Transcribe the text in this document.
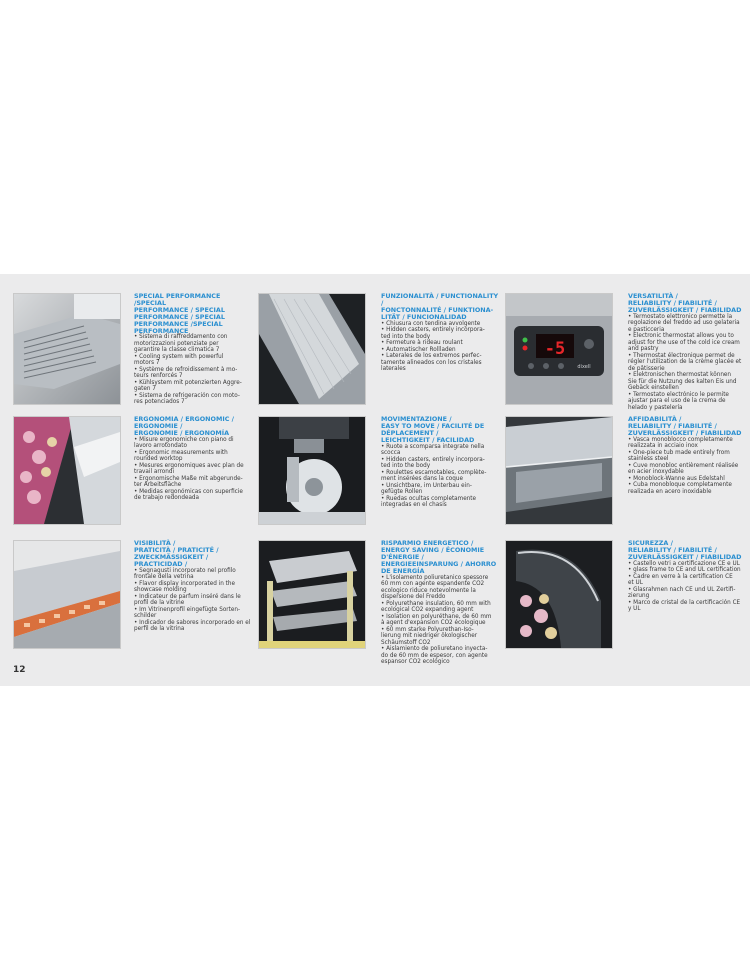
SPECIAL PERFORMANCE /SPECIAL
PERFORMANCE / SPECIAL
PERFORMANCE / SPECIAL
PERFORMANCE /SPECIAL
PERFORMANCE
• Sistema di raffreddamento con
motorizzazioni potenziate per
garantire la classe climatica 7
• Cooling system with powerful
motors 7
• Système de refroidissement à mo-
teurs renforcés 7
• Kühlsystem mit potenzierten Aggre-
gaten 7
• Sistema de refrigeración con moto-
res potenciados 7
FUNZIONALITÀ / FUNCTIONALITY /
FONCTONNALITÉ / FUNKTIONA-
LITÄT / FUNCIONALIDAD
• Chiusura con tendina avvolgente
• Hidden casters, entirely incorpora-
ted into the body
• Fermeture à rideau roulant
• Automatischer Rollladen
• Laterales de los extremos perfec-
tamente alineados con los cristales
laterales
-5
dixell
VERSATILITÀ /
RELIABILITY / FIABILITÉ /
ZUVERLÄSSIGKEIT / FIABILIDAD
• Termostato elettronico permette la
regolazione del freddo ad uso gelateria
e pasticceria
• Electronic thermostat allows you to
adjust for the use of the cold ice cream
and pastry
• Thermostat électronique permet de
régler l'utilization de la crème glacée et
de pâtisserie
• Elektronischen thermostat können
Sie für die Nutzung des kalten Eis und
Gebäck einstellen
• Termostato electrónico le permite
ajustar para el uso de la crema de
helado y pastelería
ERGONOMIA / ERGONOMIC /
ERGONOMIE /
ERGONOMIE / ERGONOMÍA
• Misure ergonomiche con piano di
lavoro arrotondato
• Ergonomic measurements with
rounded worktop
• Mesures ergonomiques avec plan de
travail arrondi
• Ergonomische Maße mit abgerunde-
ter Arbeitsfläche
• Medidas ergonómicas con superficie
de trabajo redondeada
MOVIMENTAZIONE /
EASY TO MOVE / FACILITÉ DE
DÉPLACEMENT /
LEICHTIGKEIT / FACILIDAD
• Ruote a scomparsa integrate nella
scocca
• Hidden casters, entirely incorpora-
ted into the body
• Roulettes escamotables, complète-
ment insérées dans la coque
• Unsichtbare, im Unterbau ein-
gefügte Rollen
• Ruedas ocultas completamente
integradas en el chasis
AFFIDABILITÀ /
RELIABILITY / FIABILITÉ /
ZUVERLÄSSIGKEIT / FIABILIDAD
• Vasca monoblocco completamente
realizzata in acciaio inox
• One-piece tub made entirely from
stainless steel
• Cuve monobloc entièrement réalisée
en acier inoxydable
• Monoblock-Wanne aus Edelstahl
• Cuba monobloque completamente
realizada en acero inoxidable
VISIBILITÀ /
PRATICITÀ / PRATICITÉ /
ZWECKMÄSSIGKEIT /
PRACTICIDAD /
• Segnagusti incorporato nel profilo
frontale della vetrina
• Flavor display incorporated in the
showcase molding
• Indicateur de parfum inséré dans le
profil de la vitrine
• Im Vitrinenprofil eingefügte Sorten-
schilder
• Indicador de sabores incorporado en el
perfil de la vitrina
RISPARMIO ENERGETICO /
ENERGY SAVING / ÉCONOMIE
D'ÉNERGIE /
ENERGIEEINSPARUNG / AHORRO
DE ENERGÍA
• L'isolamento poliuretanico spessore
60 mm con agente espandente CO2
ecologico riduce notevolmente la
dispersione del Freddo
• Polyurethane insulation, 60 mm with
ecological CO2 expanding agent
• Isolation en polyuréthane, de 60 mm
à agent d'expansion CO2 écologique
• 60 mm starke Polyurethan-Iso-
lierung mit niedriger ökologischer
Schäumstoff CO2
• Aislamiento de poliuretano inyecta-
do de 60 mm de espesor, con agente
espansor CO2 ecológico
SICUREZZA /
RELIABILITY / FIABILITÉ /
ZUVERLÄSSIGKEIT / FIABILIDAD
• Castello vetri a certificazione CE e UL
• glass frame to CE and UL certification
• Cadre en verre à la certification CE
et UL
• Glasrahmen nach CE und UL Zertifi-
zierung
• Marco de cristal de la certificación CE
y UL
12
